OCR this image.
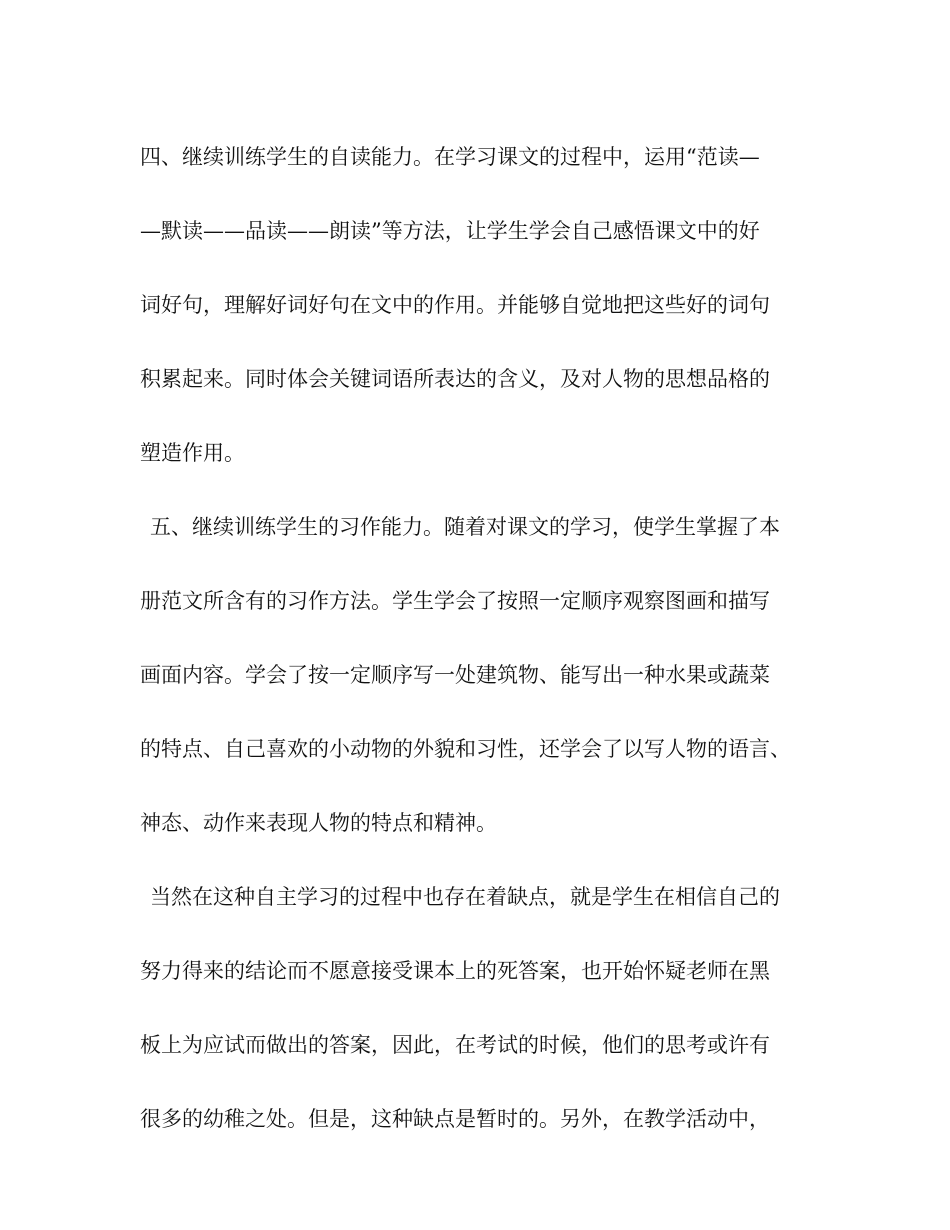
四、继续训练学生的自读能力。在学习课文的过程中，运用“范读—
—默读——品读——朗读”等方法，让学生学会自己感悟课文中的好
词好句，理解好词好句在文中的作用。并能够自觉地把这些好的词句
积累起来。同时体会关键词语所表达的含义，及对人物的思想品格的
塑造作用。
五、继续训练学生的习作能力。随着对课文的学习，使学生掌握了本
册范文所含有的习作方法。学生学会了按照一定顺序观察图画和描写
画面内容。学会了按一定顺序写一处建筑物、能写出一种水果或蔬菜
的特点、自己喜欢的小动物的外貌和习性，还学会了以写人物的语言、
神态、动作来表现人物的特点和精神。
当然在这种自主学习的过程中也存在着缺点，就是学生在相信自己的
努力得来的结论而不愿意接受课本上的死答案，也开始怀疑老师在黑
板上为应试而做出的答案，因此，在考试的时候，他们的思考或许有
很多的幼稚之处。但是，这种缺点是暂时的。另外，在教学活动中，
